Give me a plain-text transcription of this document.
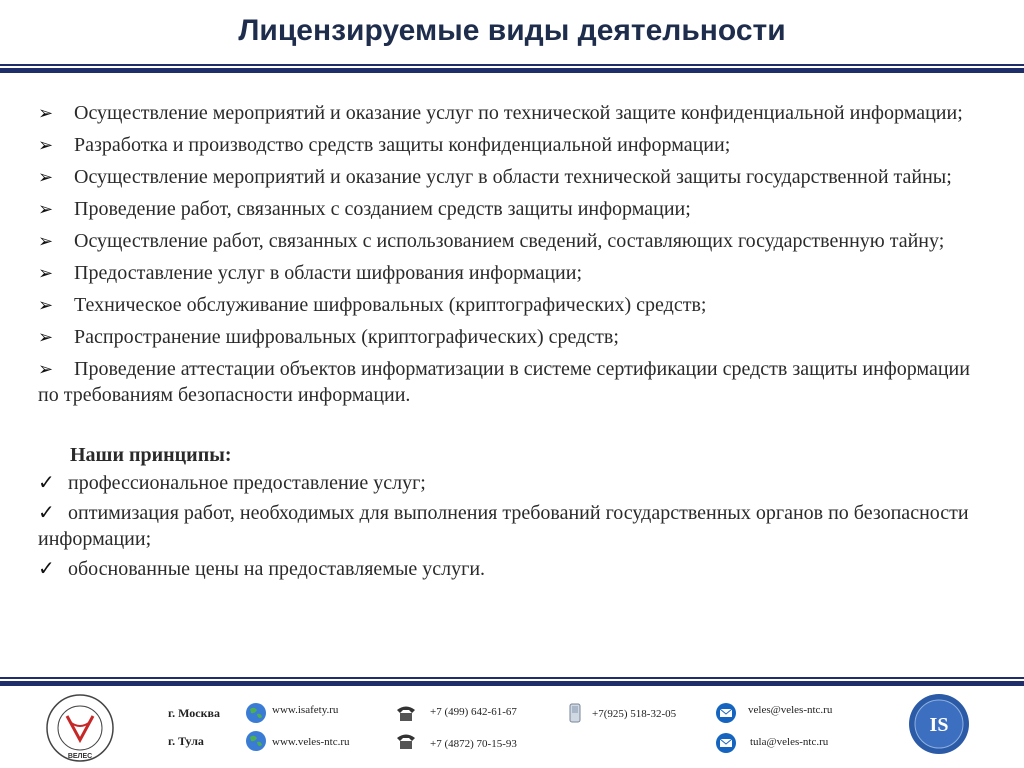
Лицензируемые виды деятельности
➢ Осуществление мероприятий и оказание услуг по технической защите конфиденциальной информации;
➢ Разработка и производство средств защиты конфиденциальной информации;
➢ Осуществление мероприятий и оказание услуг в области технической защиты государственной тайны;
➢ Проведение работ, связанных с созданием средств защиты информации;
➢ Осуществление работ, связанных с использованием сведений, составляющих государственную тайну;
➢ Предоставление услуг в области шифрования информации;
➢ Техническое обслуживание шифровальных (криптографических) средств;
➢ Распространение шифровальных (криптографических) средств;
➢ Проведение аттестации объектов информатизации в системе сертификации средств защиты информации по требованиям безопасности информации.
Наши принципы:
✓ профессиональное предоставление услуг;
✓ оптимизация работ, необходимых для выполнения требований государственных органов по безопасности информации;
✓ обоснованные цены на предоставляемые услуги.
ВЕЛЕС
г. Москва
г. Тула
www.isafety.ru
www.veles-ntc.ru
+7 (499) 642-61-67
+7 (4872) 70-15-93
+7(925) 518-32-05	veles@veles-ntc.ru
tula@veles-ntc.ru
IS
